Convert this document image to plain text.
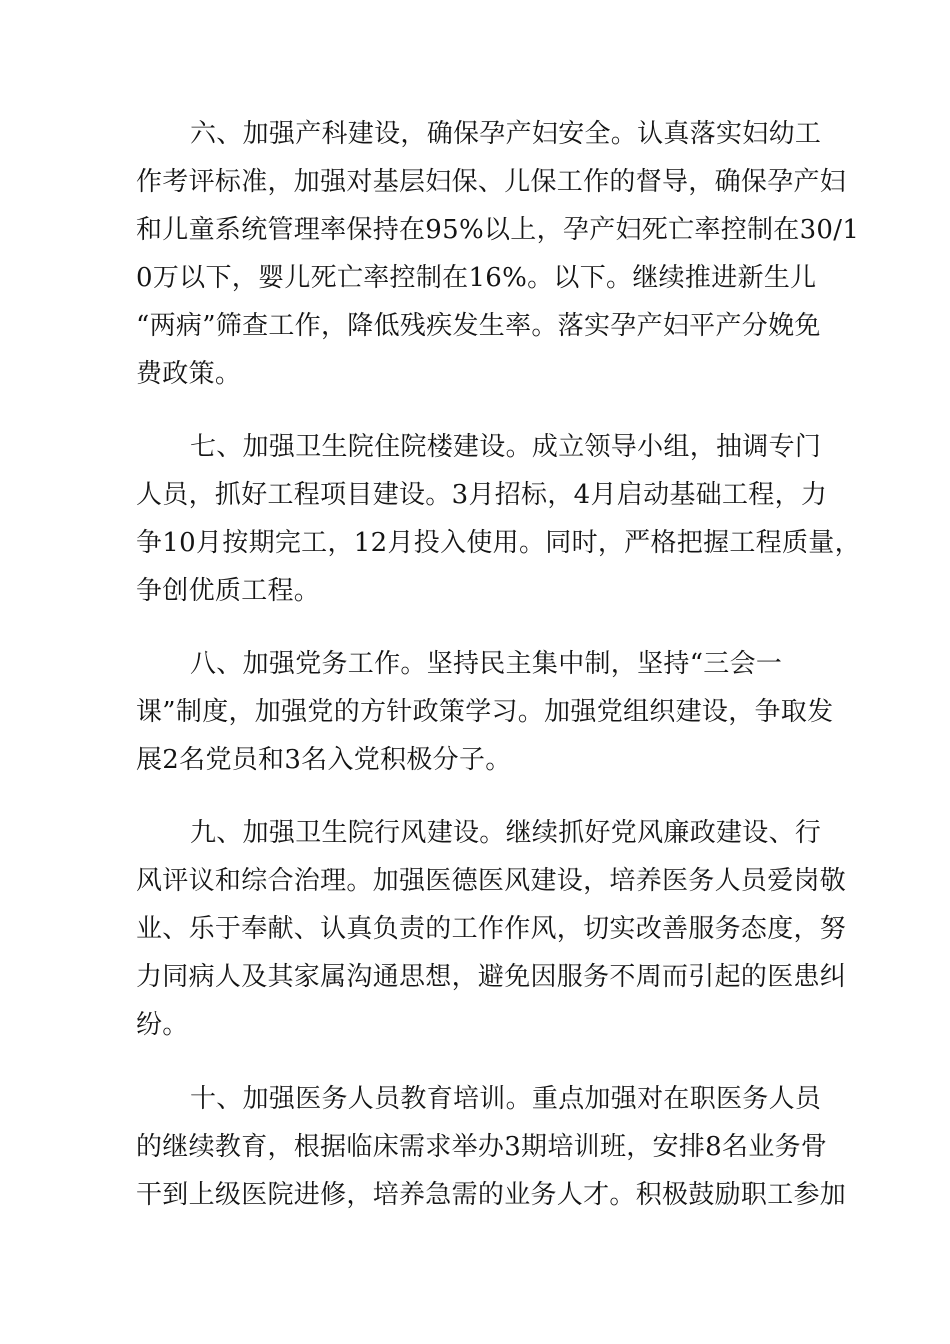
六、加强产科建设，确保孕产妇安全。认真落实妇幼工
作考评标准，加强对基层妇保、儿保工作的督导，确保孕产妇
和儿童系统管理率保持在95%以上，孕产妇死亡率控制在30/1
0万以下，婴儿死亡率控制在16%。以下。继续推进新生儿
“两病”筛查工作，降低残疾发生率。落实孕产妇平产分娩免
费政策。
七、加强卫生院住院楼建设。成立领导小组，抽调专门
人员，抓好工程项目建设。3月招标，4月启动基础工程，力
争10月按期完工，12月投入使用。同时，严格把握工程质量，
争创优质工程。
八、加强党务工作。坚持民主集中制，坚持“三会一
课”制度，加强党的方针政策学习。加强党组织建设，争取发
展2名党员和3名入党积极分子。
九、加强卫生院行风建设。继续抓好党风廉政建设、行
风评议和综合治理。加强医德医风建设，培养医务人员爱岗敬
业、乐于奉献、认真负责的工作作风，切实改善服务态度，努
力同病人及其家属沟通思想，避免因服务不周而引起的医患纠
纷。
十、加强医务人员教育培训。重点加强对在职医务人员
的继续教育，根据临床需求举办3期培训班，安排8名业务骨
干到上级医院进修，培养急需的业务人才。积极鼓励职工参加
